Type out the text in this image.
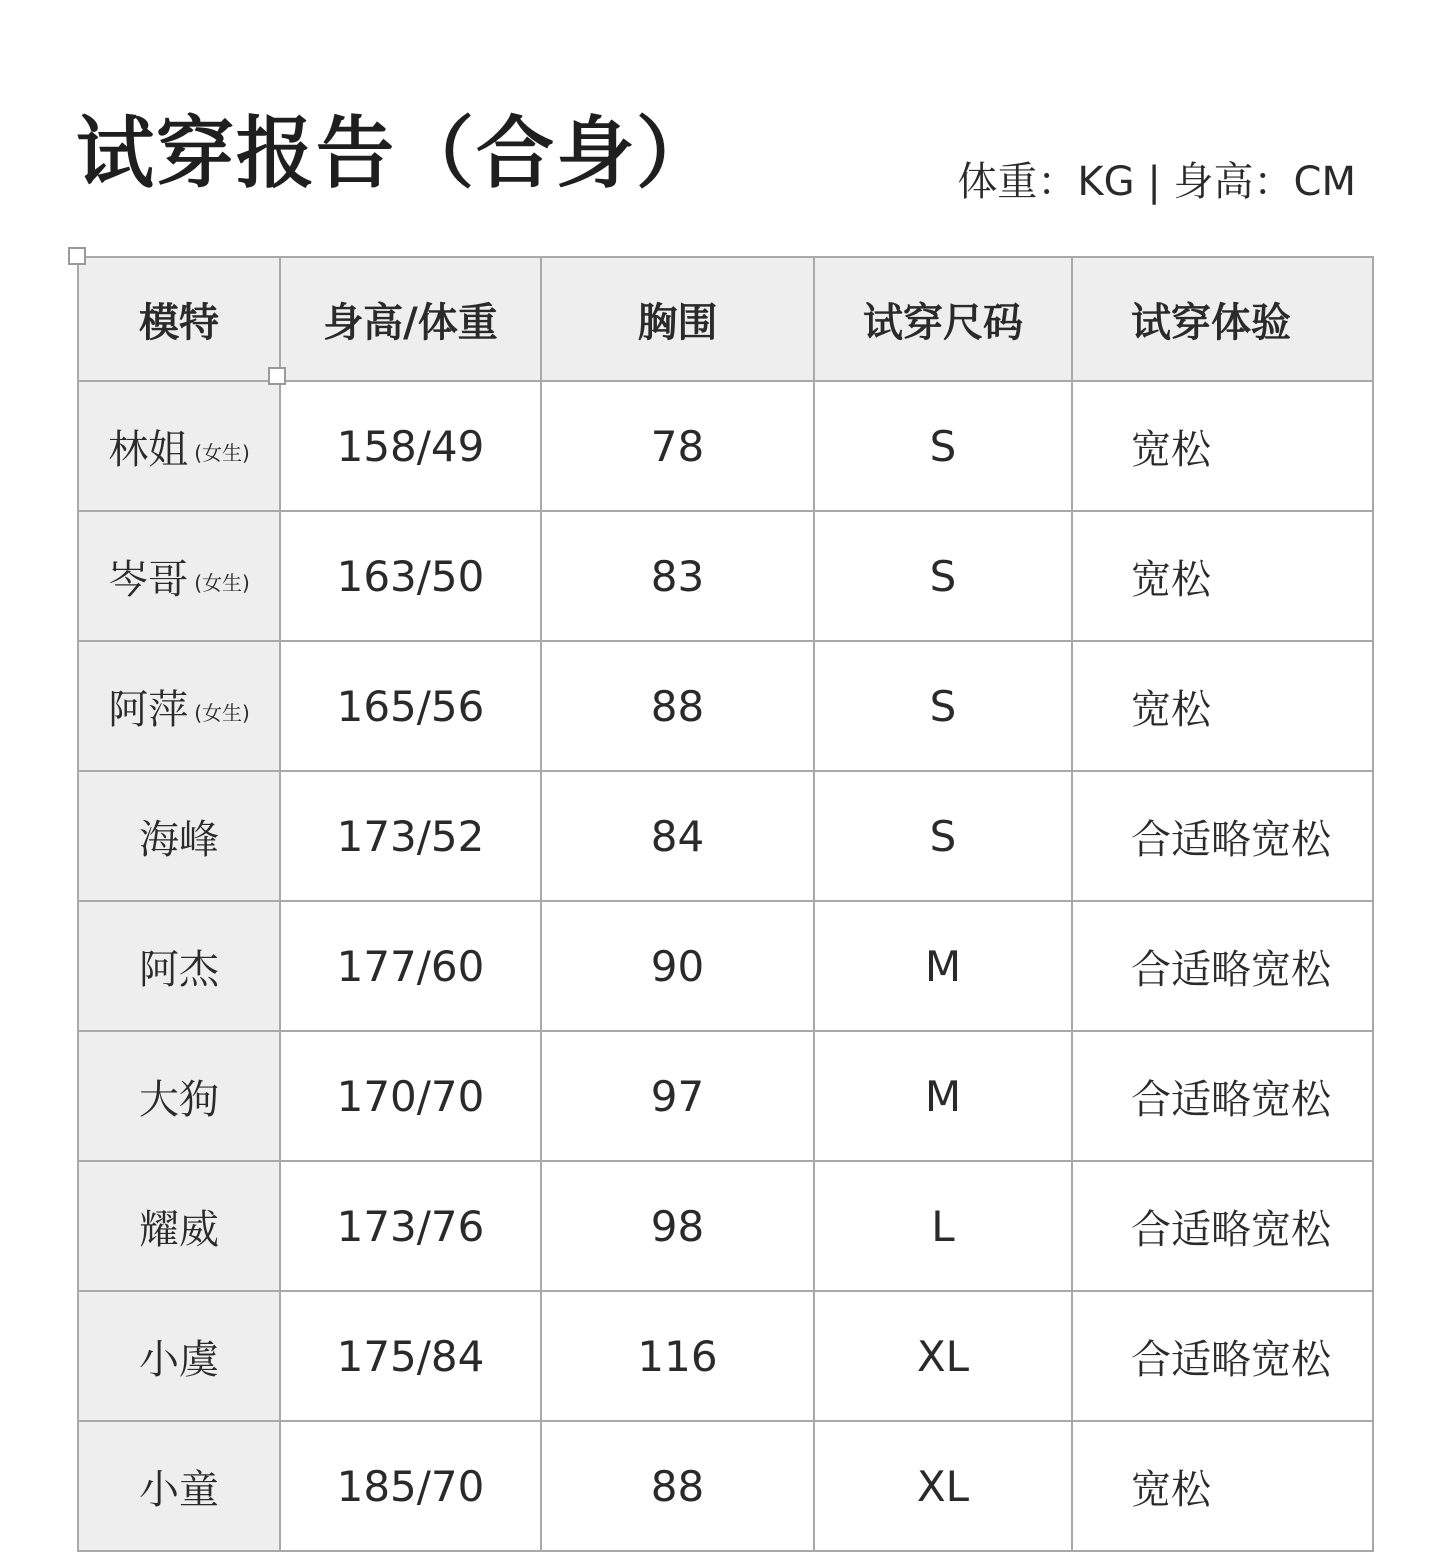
试穿报告（合身）	体重：KG | 身高：CM
模特	身高/体重	胸围	试穿尺码	试穿体验
林姐 (女生)	158/49	78	S	宽松
岑哥 (女生)	163/50	83	S	宽松
阿萍 (女生)	165/56	88	S	宽松
海峰	173/52	84	S	合适略宽松
阿杰	177/60	90	M	合适略宽松
大狗	170/70	97	M	合适略宽松
耀威	173/76	98	L	合适略宽松
小虞	175/84	116	XL	合适略宽松
小童	185/70	88	XL	宽松
